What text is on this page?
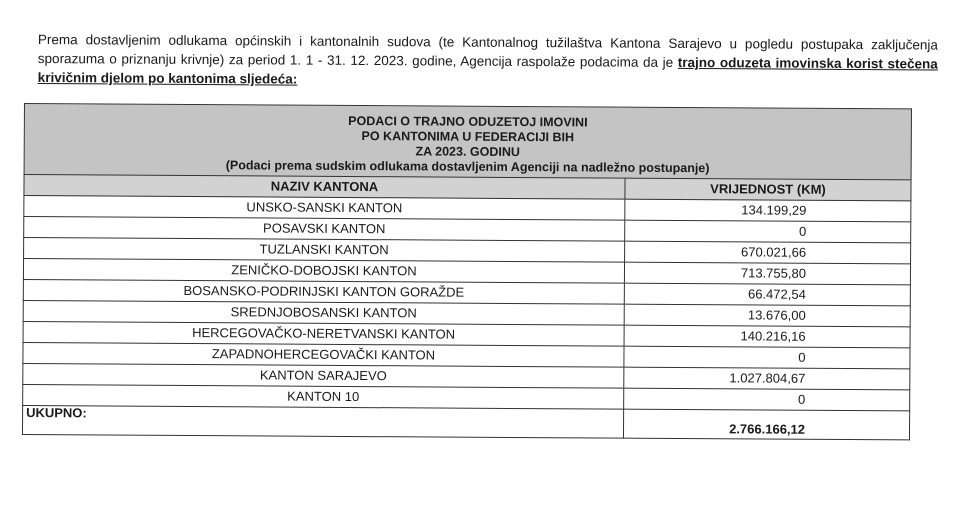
Prema dostavljenim odlukama općinskih i kantonalnih sudova (te Kantonalnog tužilaštva Kantona Sarajevo u pogledu postupaka zaključenja sporazuma o priznanju krivnje) za period 1. 1 - 31. 12. 2023. godine, Agencija raspolaže podacima da je trajno oduzeta imovinska korist stečena krivičnim djelom po kantonima sljedeća:

PODACI O TRAJNO ODUZETOJ IMOVINI
PO KANTONIMA U FEDERACIJI BIH
ZA 2023. GODINU
(Podaci prema sudskim odlukama dostavljenim Agenciji na nadležno postupanje)	

NAZIV KANTONA	VRIJEDNOST (KM)
UNSKO-SANSKI KANTON	134.199,29
POSAVSKI KANTON	0
TUZLANSKI KANTON	670.021,66
ZENIČKO-DOBOJSKI KANTON	713.755,80
BOSANSKO-PODRINJSKI KANTON GORAŽDE	66.472,54
SREDNJOBOSANSKI KANTON	13.676,00
HERCEGOVAČKO-NERETVANSKI KANTON	140.216,16
ZAPADNOHERCEGOVAČKI KANTON	0
KANTON SARAJEVO	1.027.804,67
KANTON 10	0
UKUPNO:	2.766.166,12
